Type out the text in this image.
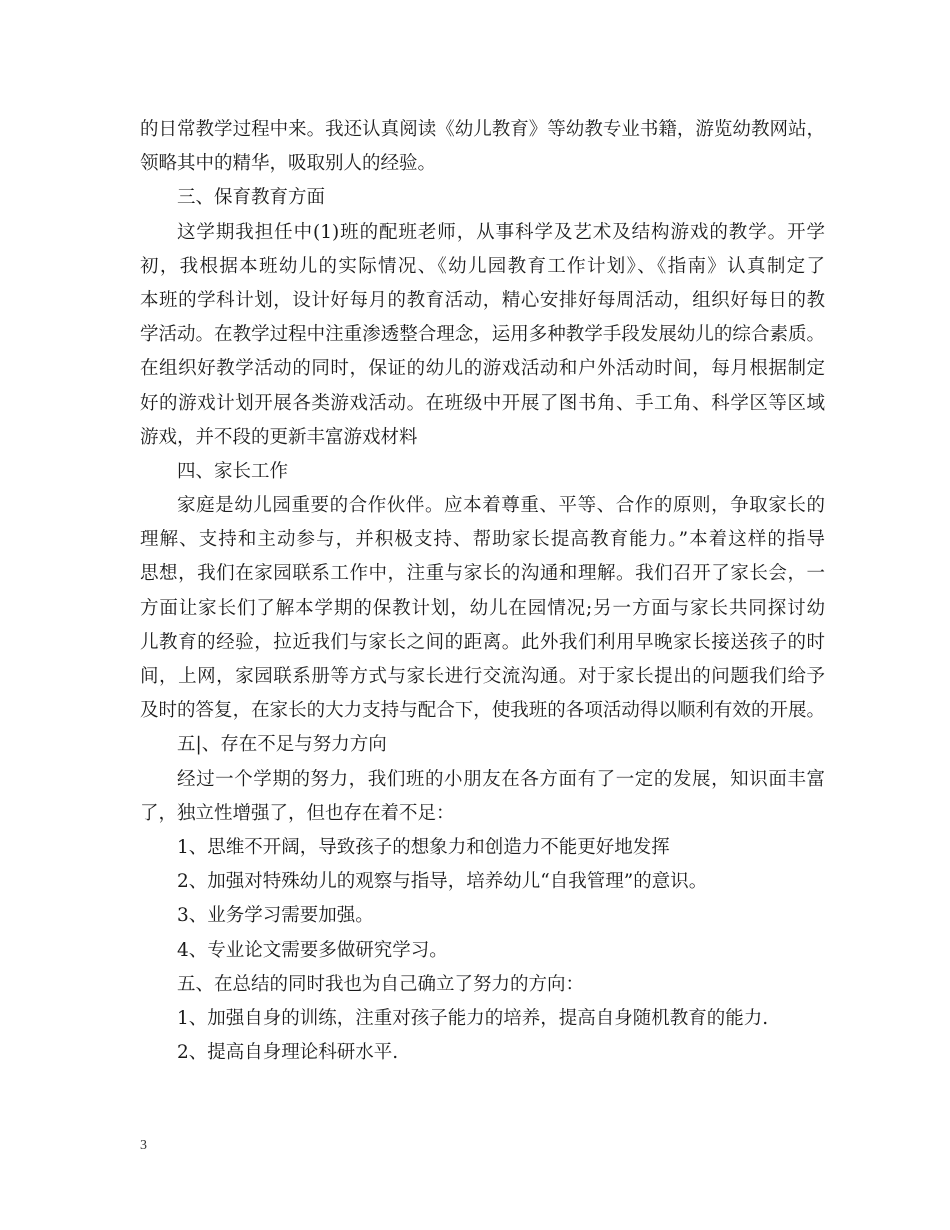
的日常教学过程中来。我还认真阅读《幼儿教育》等幼教专业书籍，游览幼教网站，
领略其中的精华，吸取别人的经验。
三、保育教育方面
这学期我担任中(1)班的配班老师，从事科学及艺术及结构游戏的教学。开学
初，我根据本班幼儿的实际情况、《幼儿园教育工作计划》、《指南》认真制定了
本班的学科计划，设计好每月的教育活动，精心安排好每周活动，组织好每日的教
学活动。在教学过程中注重渗透整合理念，运用多种教学手段发展幼儿的综合素质。
在组织好教学活动的同时，保证的幼儿的游戏活动和户外活动时间，每月根据制定
好的游戏计划开展各类游戏活动。在班级中开展了图书角、手工角、科学区等区域
游戏，并不段的更新丰富游戏材料
四、家长工作
家庭是幼儿园重要的合作伙伴。应本着尊重、平等、合作的原则，争取家长的
理解、支持和主动参与，并积极支持、帮助家长提高教育能力。”本着这样的指导
思想，我们在家园联系工作中，注重与家长的沟通和理解。我们召开了家长会，一
方面让家长们了解本学期的保教计划，幼儿在园情况;另一方面与家长共同探讨幼
儿教育的经验，拉近我们与家长之间的距离。此外我们利用早晚家长接送孩子的时
间，上网，家园联系册等方式与家长进行交流沟通。对于家长提出的问题我们给予
及时的答复，在家长的大力支持与配合下，使我班的各项活动得以顺利有效的开展。
五|、存在不足与努力方向
经过一个学期的努力，我们班的小朋友在各方面有了一定的发展，知识面丰富
了，独立性增强了，但也存在着不足：
1、思维不开阔，导致孩子的想象力和创造力不能更好地发挥
2、加强对特殊幼儿的观察与指导，培养幼儿“自我管理”的意识。
3、业务学习需要加强。
4、专业论文需要多做研究学习。
五、在总结的同时我也为自己确立了努力的方向：
1、加强自身的训练，注重对孩子能力的培养，提高自身随机教育的能力.
2、提高自身理论科研水平.
3
